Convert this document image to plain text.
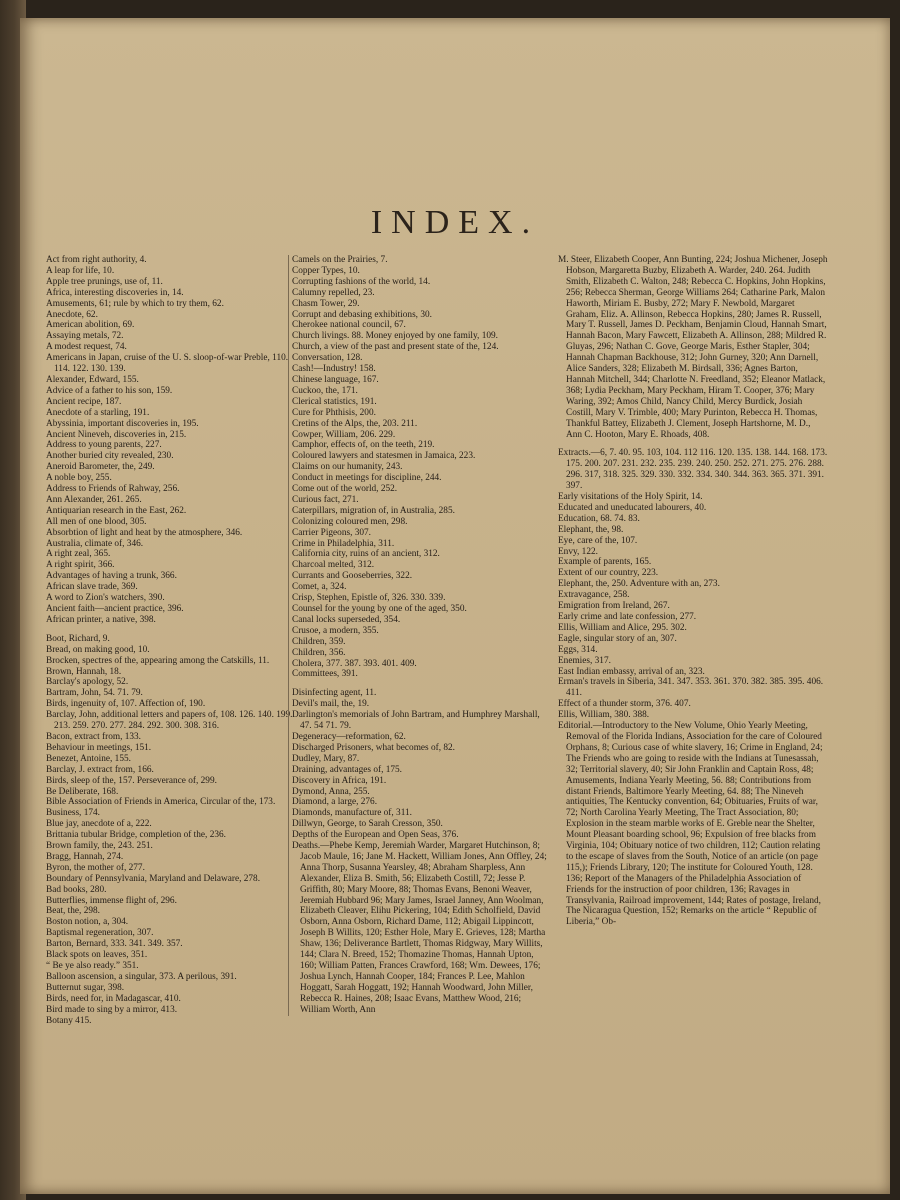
INDEX.
Act from right authority, 4.
A leap for life, 10.
Apple tree prunings, use of, 11.
Africa, interesting discoveries in, 14.
Amusements, 61; rule by which to try them, 62.
Anecdote, 62.
American abolition, 69.
Assaying metals, 72.
A modest request, 74.
Americans in Japan, cruise of the U. S. sloop-of-war Preble, 110. 114. 122. 130. 139.
Alexander, Edward, 155.
Advice of a father to his son, 159.
Ancient recipe, 187.
Anecdote of a starling, 191.
Abyssinia, important discoveries in, 195.
Ancient Nineveh, discoveries in, 215.
Address to young parents, 227.
Another buried city revealed, 230.
Aneroid Barometer, the, 249.
A noble boy, 255.
Address to Friends of Rahway, 256.
Ann Alexander, 261. 265.
Antiquarian research in the East, 262.
All men of one blood, 305.
Absorbtion of light and heat by the atmosphere, 346.
Australia, climate of, 346.
A right zeal, 365.
A right spirit, 366.
Advantages of having a trunk, 366.
African slave trade, 369.
A word to Zion's watchers, 390.
Ancient faith—ancient practice, 396.
African printer, a native, 398.
Boot, Richard, 9.
Bread, on making good, 10.
Brocken, spectres of the, appearing among the Catskills, 11.
Brown, Hannah, 18.
Barclay's apology, 52.
Bartram, John, 54. 71. 79.
Birds, ingenuity of, 107. Affection of, 190.
Barclay, John, additional letters and papers of, 108. 126. 140. 199. 213. 259. 270. 277. 284. 292. 300. 308. 316.
Bacon, extract from, 133.
Behaviour in meetings, 151.
Benezet, Antoine, 155.
Barclay, J. extract from, 166.
Birds, sleep of the, 157. Perseverance of, 299.
Be Deliberate, 168.
Bible Association of Friends in America, Circular of the, 173.
Business, 174.
Blue jay, anecdote of a, 222.
Brittania tubular Bridge, completion of the, 236.
Brown family, the, 243. 251.
Bragg, Hannah, 274.
Byron, the mother of, 277.
Boundary of Pennsylvania, Maryland and Delaware, 278.
Bad books, 280.
Butterflies, immense flight of, 296.
Beat, the, 298.
Boston notion, a, 304.
Baptismal regeneration, 307.
Barton, Bernard, 333. 341. 349. 357.
Black spots on leaves, 351.
“ Be ye also ready.” 351.
Balloon ascension, a singular, 373. A perilous, 391.
Butternut sugar, 398.
Birds, need for, in Madagascar, 410.
Bird made to sing by a mirror, 413.
Botany 415.
Camels on the Prairies, 7.
Copper Types, 10.
Corrupting fashions of the world, 14.
Calumny repelled, 23.
Chasm Tower, 29.
Corrupt and debasing exhibitions, 30.
Cherokee national council, 67.
Church livings. 88. Money enjoyed by one family, 109.
Church, a view of the past and present state of the, 124.
Conversation, 128.
Cash!—Industry! 158.
Chinese language, 167.
Cuckoo, the, 171.
Clerical statistics, 191.
Cure for Phthisis, 200.
Cretins of the Alps, the, 203. 211.
Cowper, William, 206. 229.
Camphor, effects of, on the teeth, 219.
Coloured lawyers and statesmen in Jamaica, 223.
Claims on our humanity, 243.
Conduct in meetings for discipline, 244.
Come out of the world, 252.
Curious fact, 271.
Caterpillars, migration of, in Australia, 285.
Colonizing coloured men, 298.
Carrier Pigeons, 307.
Crime in Philadelphia, 311.
California city, ruins of an ancient, 312.
Charcoal melted, 312.
Currants and Gooseberries, 322.
Comet, a, 324.
Crisp, Stephen, Epistle of, 326. 330. 339.
Counsel for the young by one of the aged, 350.
Canal locks superseded, 354.
Crusoe, a modern, 355.
Children, 359.
Children, 356.
Cholera, 377. 387. 393. 401. 409.
Committees, 391.
Disinfecting agent, 11.
Devil's mail, the, 19.
Darlington's memorials of John Bartram, and Humphrey Marshall, 47. 54 71. 79.
Degeneracy—reformation, 62.
Discharged Prisoners, what becomes of, 82.
Dudley, Mary, 87.
Draining, advantages of, 175.
Discovery in Africa, 191.
Dymond, Anna, 255.
Diamond, a large, 276.
Diamonds, manufacture of, 311.
Dillwyn, George, to Sarah Cresson, 350.
Depths of the European and Open Seas, 376.
Deaths.—Phebe Kemp, Jeremiah Warder, Margaret Hutchinson, 8; Jacob Maule, 16; Jane M. Hackett, William Jones, Ann Offley, 24; Anna Thorp, Susanna Yearsley, 48; Abraham Sharpless, Ann Alexander, Eliza B. Smith, 56; Elizabeth Costill, 72; Jesse P. Griffith, 80; Mary Moore, 88; Thomas Evans, Benoni Weaver, Jeremiah Hubbard 96; Mary James, Israel Janney, Ann Woolman, Elizabeth Cleaver, Elihu Pickering, 104; Edith Scholfield, David Osborn, Anna Osborn, Richard Dame, 112; Abigail Lippincott, Joseph B Willits, 120; Esther Hole, Mary E. Grieves, 128; Martha Shaw, 136; Deliverance Bartlett, Thomas Ridgway, Mary Willits, 144; Clara N. Breed, 152; Thomazine Thomas, Hannah Upton, 160; William Patten, Frances Crawford, 168; Wm. Dewees, 176; Joshua Lynch, Hannah Cooper, 184; Frances P. Lee, Mahlon Hoggatt, Sarah Hoggatt, 192; Hannah Woodward, John Miller, Rebecca R. Haines, 208; Isaac Evans, Matthew Wood, 216; William Worth, Ann
M. Steer, Elizabeth Cooper, Ann Bunting, 224; Joshua Michener, Joseph Hobson, Margaretta Buzby, Elizabeth A. Warder, 240. 264. Judith Smith, Elizabeth C. Walton, 248; Rebecca C. Hopkins, John Hopkins, 256; Rebecca Sherman, George Williams 264; Catharine Park, Malon Haworth, Miriam E. Busby, 272; Mary F. Newbold, Margaret Graham, Eliz. A. Allinson, Rebecca Hopkins, 280; James R. Russell, Mary T. Russell, James D. Peckham, Benjamin Cloud, Hannah Smart, Hannah Bacon, Mary Fawcett, Elizabeth A. Allinson, 288; Mildred R. Gluyas, 296; Nathan C. Gove, George Maris, Esther Stapler, 304; Hannah Chapman Backhouse, 312; John Gurney, 320; Ann Darnell, Alice Sanders, 328; Elizabeth M. Birdsall, 336; Agnes Barton, Hannah Mitchell, 344; Charlotte N. Freedland, 352; Eleanor Matlack, 368; Lydia Peckham, Mary Peckham, Hiram T. Cooper, 376; Mary Waring, 392; Amos Child, Nancy Child, Mercy Burdick, Josiah Costill, Mary V. Trimble, 400; Mary Purinton, Rebecca H. Thomas, Thankful Battey, Elizabeth J. Clement, Joseph Hartshorne, M. D., Ann C. Hooton, Mary E. Rhoads, 408.
Extracts.—6, 7. 40. 95. 103, 104. 112 116. 120. 135. 138. 144. 168. 173. 175. 200. 207. 231. 232. 235. 239. 240. 250. 252. 271. 275. 276. 288. 296. 317, 318. 325. 329. 330. 332. 334. 340. 344. 363. 365. 371. 391. 397.
Early visitations of the Holy Spirit, 14.
Educated and uneducated labourers, 40.
Education, 68. 74. 83.
Elephant, the, 98.
Eye, care of the, 107.
Envy, 122.
Example of parents, 165.
Extent of our country, 223.
Elephant, the, 250. Adventure with an, 273.
Extravagance, 258.
Emigration from Ireland, 267.
Early crime and late confession, 277.
Ellis, William and Alice, 295. 302.
Eagle, singular story of an, 307.
Eggs, 314.
Enemies, 317.
East Indian embassy, arrival of an, 323.
Erman's travels in Siberia, 341. 347. 353. 361. 370. 382. 385. 395. 406. 411.
Effect of a thunder storm, 376. 407.
Ellis, William, 380. 388.
Editorial.—Introductory to the New Volume, Ohio Yearly Meeting, Removal of the Florida Indians, Association for the care of Coloured Orphans, 8; Curious case of white slavery, 16; Crime in England, 24; The Friends who are going to reside with the Indians at Tunesassah, 32; Territorial slavery, 40; Sir John Franklin and Captain Ross, 48; Amusements, Indiana Yearly Meeting, 56. 88; Contributions from distant Friends, Baltimore Yearly Meeting, 64. 88; The Nineveh antiquities, The Kentucky convention, 64; Obituaries, Fruits of war, 72; North Carolina Yearly Meeting, The Tract Association, 80; Explosion in the steam marble works of E. Greble near the Shelter, Mount Pleasant boarding school, 96; Expulsion of free blacks from Virginia, 104; Obituary notice of two children, 112; Caution relating to the escape of slaves from the South, Notice of an article (on page 115,); Friends Library, 120; The institute for Coloured Youth, 128. 136; Report of the Managers of the Philadelphia Association of Friends for the instruction of poor children, 136; Ravages in Transylvania, Railroad improvement, 144; Rates of postage, Ireland, The Nicaragua Question, 152; Remarks on the article “ Republic of Liberia,” Ob-
